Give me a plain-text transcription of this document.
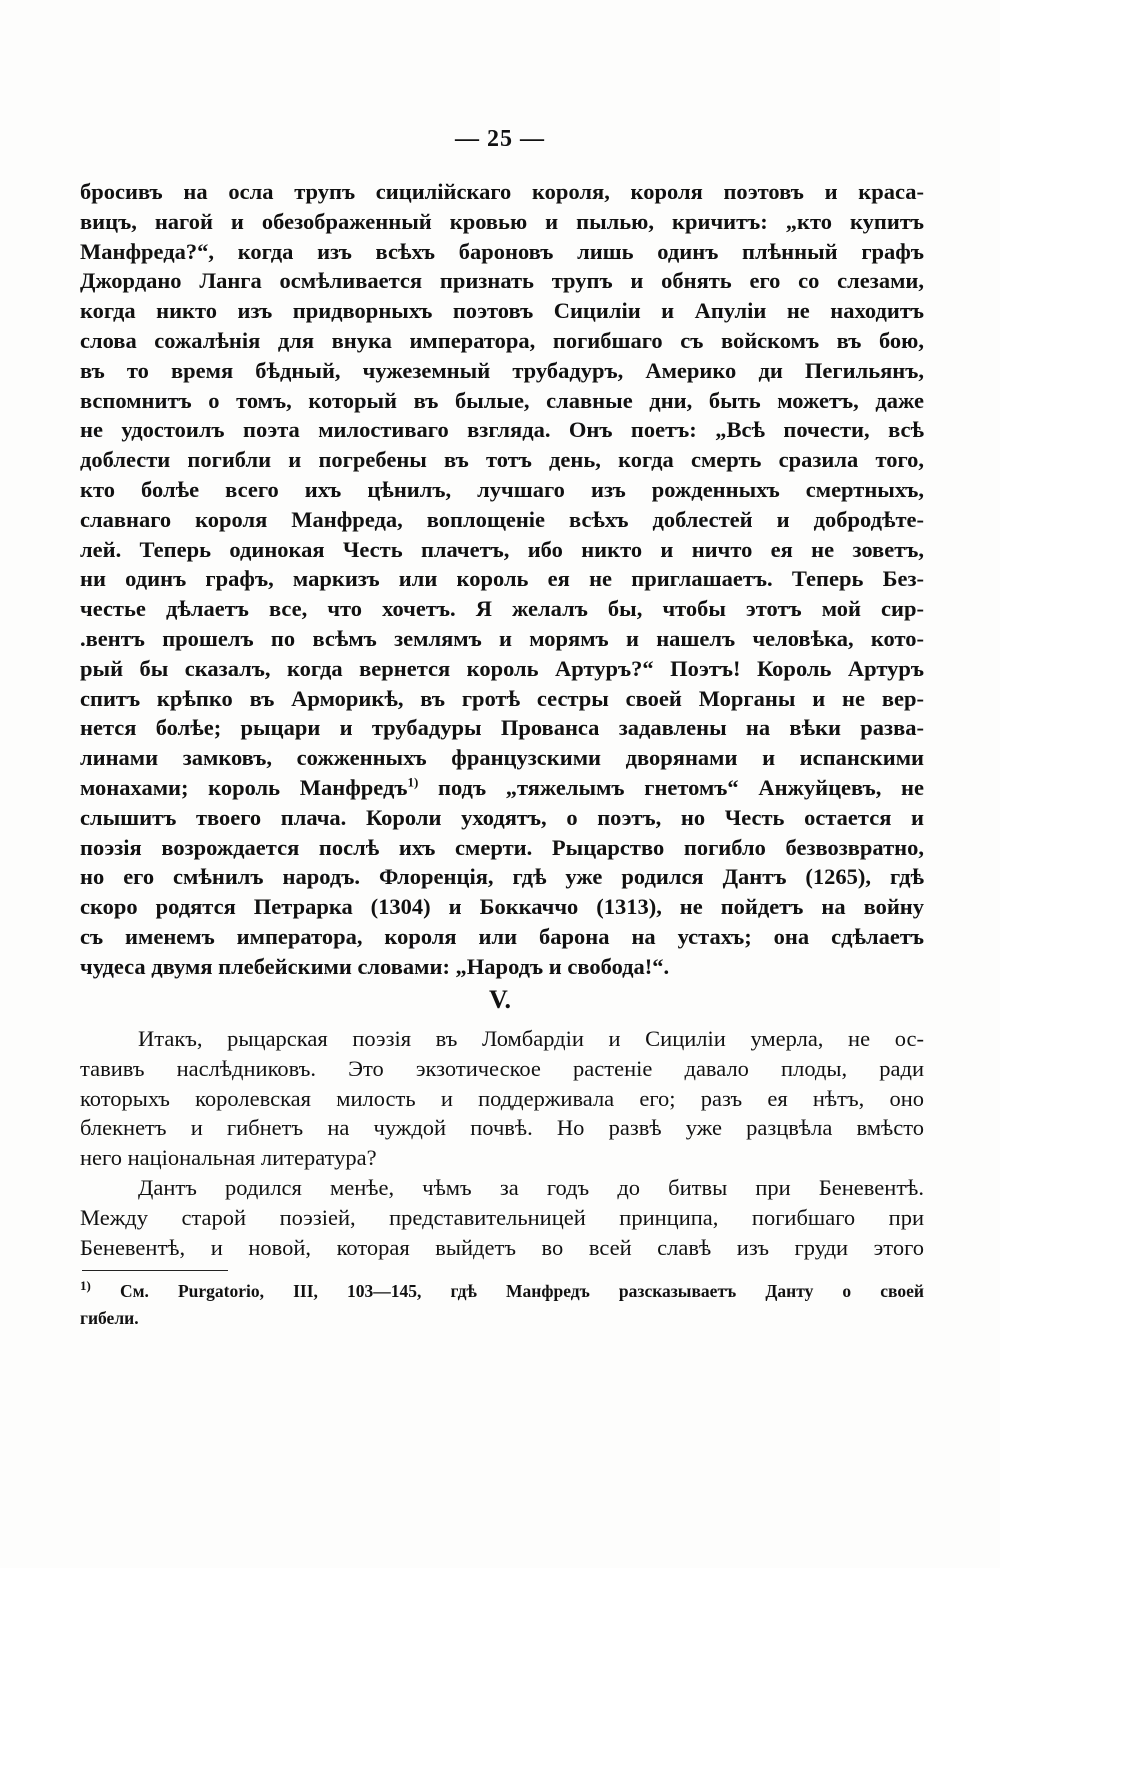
— 25 —
бросивъ на осла трупъ сицилійскаго короля, короля поэтовъ и краса-
вицъ, нагой и обезображенный кровью и пылью, кричитъ: „кто купитъ
Манфреда?“, когда изъ всѣхъ бароновъ лишь одинъ плѣнный графъ
Джордано Ланга осмѣливается признать трупъ и обнять его со слезами,
когда никто изъ придворныхъ поэтовъ Сициліи и Апуліи не находитъ
слова сожалѣнія для внука императора, погибшаго съ войскомъ въ бою,
въ то время бѣдный, чужеземный трубадуръ, Америко ди Пегильянъ,
вспомнитъ о томъ, который въ былые, славные дни, быть можетъ, даже
не удостоилъ поэта милостиваго взгляда. Онъ поетъ: „Всѣ почести, всѣ
доблести погибли и погребены въ тотъ день, когда смерть сразила того,
кто болѣе всего ихъ цѣнилъ, лучшаго изъ рожденныхъ смертныхъ,
славнаго короля Манфреда, воплощеніе всѣхъ доблестей и добродѣте-
лей. Теперь одинокая Честь плачетъ, ибо никто и ничто ея не зоветъ,
ни одинъ графъ, маркизъ или король ея не приглашаетъ. Теперь Без-
честье дѣлаетъ все, что хочетъ. Я желалъ бы, чтобы этотъ мой сир-
.вентъ прошелъ по всѣмъ землямъ и морямъ и нашелъ человѣка, кото-
рый бы сказалъ, когда вернется король Артуръ?“ Поэтъ! Король Артуръ
спитъ крѣпко въ Арморикѣ, въ гротѣ сестры своей Морганы и не вер-
нется болѣе; рыцари и трубадуры Прованса задавлены на вѣки разва-
линами замковъ, сожженныхъ французскими дворянами и испанскими
монахами; король Манфредъ$^{1)}$ подъ „тяжелымъ гнетомъ“ Анжуйцевъ, не
слышитъ твоего плача. Короли уходятъ, о поэтъ, но Честь остается и
поэзія возрождается послѣ ихъ смерти. Рыцарство погибло безвозвратно,
но его смѣнилъ народъ. Флоренція, гдѣ уже родился Дантъ (1265), гдѣ
скоро родятся Петрарка (1304) и Боккаччо (1313), не пойдетъ на войну
съ именемъ императора, короля или барона на устахъ; она сдѣлаетъ
чудеса двумя плебейскими словами: „Народъ и свобода!“.
V.
Итакъ, рыцарская поэзія въ Ломбардіи и Сициліи умерла, не ос-
тавивъ наслѣдниковъ. Это экзотическое растеніе давало плоды, ради
которыхъ королевская милость и поддерживала его; разъ ея нѣтъ, оно
блекнетъ и гибнетъ на чуждой почвѣ. Но развѣ уже разцвѣла вмѣсто
него національная литература?
Дантъ родился менѣе, чѣмъ за годъ до битвы при Беневентѣ.
Между старой поэзіей, представительницей принципа, погибшаго при
Беневентѣ, и новой, которая выйдетъ во всей славѣ изъ груди этого
$^{1)}$ См. Purgatorio, III, 103—145, гдѣ Манфредъ разсказываетъ Данту о своей
гибели.
